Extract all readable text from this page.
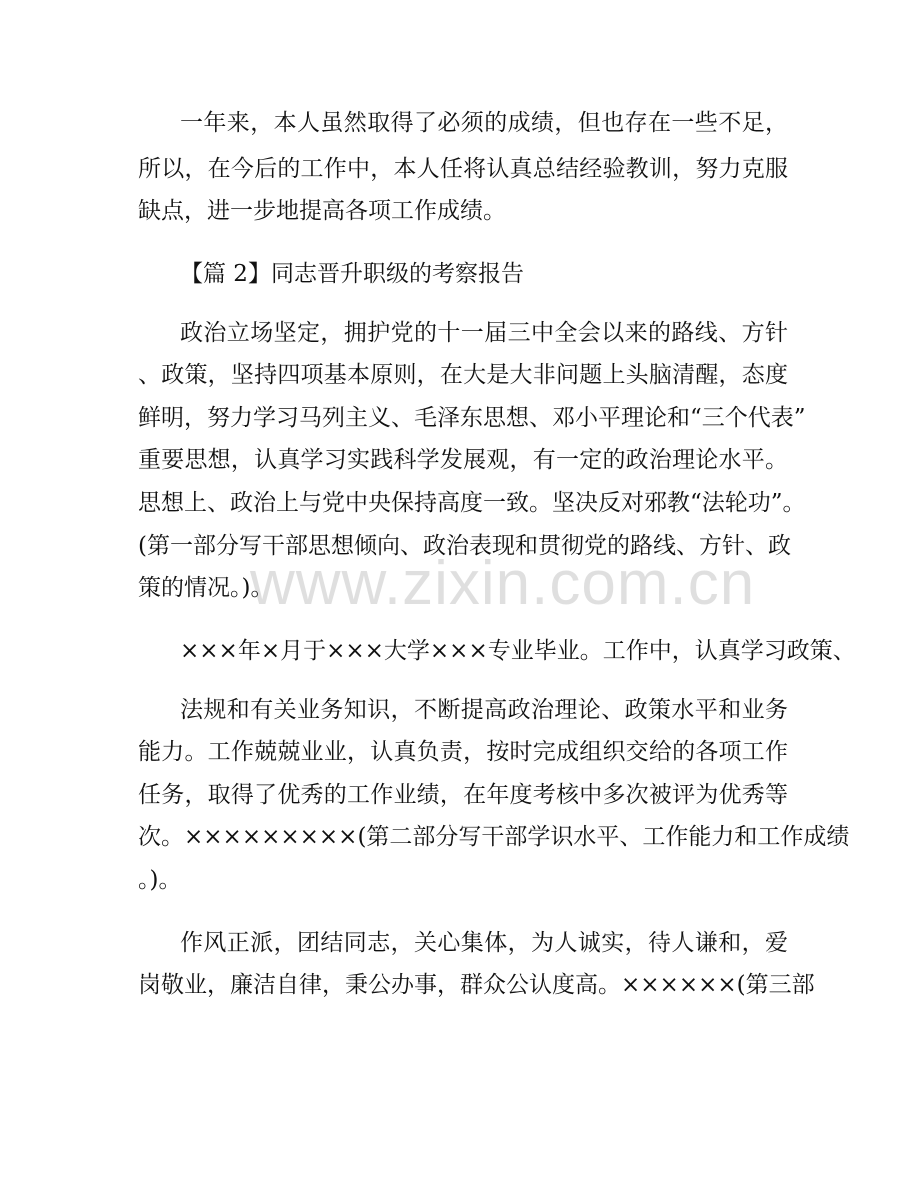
一年来，本人虽然取得了必须的成绩，但也存在一些不足，
所以，在今后的工作中，本人任将认真总结经验教训，努力克服
缺点，进一步地提高各项工作成绩。
【篇 2】同志晋升职级的考察报告
政治立场坚定，拥护党的十一届三中全会以来的路线、方针
、政策，坚持四项基本原则，在大是大非问题上头脑清醒，态度
鲜明，努力学习马列主义、毛泽东思想、邓小平理论和“三个代表”
重要思想，认真学习实践科学发展观，有一定的政治理论水平。
思想上、政治上与党中央保持高度一致。坚决反对邪教“法轮功”。
(第一部分写干部思想倾向、政治表现和贯彻党的路线、方针、政
策的情况。)。
×××年×月于×××大学×××专业毕业。工作中，认真学习政策、
法规和有关业务知识，不断提高政治理论、政策水平和业务
能力。工作兢兢业业，认真负责，按时完成组织交给的各项工作
任务，取得了优秀的工作业绩，在年度考核中多次被评为优秀等
次。×××××××××(第二部分写干部学识水平、工作能力和工作成绩
。)。
作风正派，团结同志，关心集体，为人诚实，待人谦和，爱
岗敬业，廉洁自律，秉公办事，群众公认度高。××××××(第三部
www.zixin.com.cn
